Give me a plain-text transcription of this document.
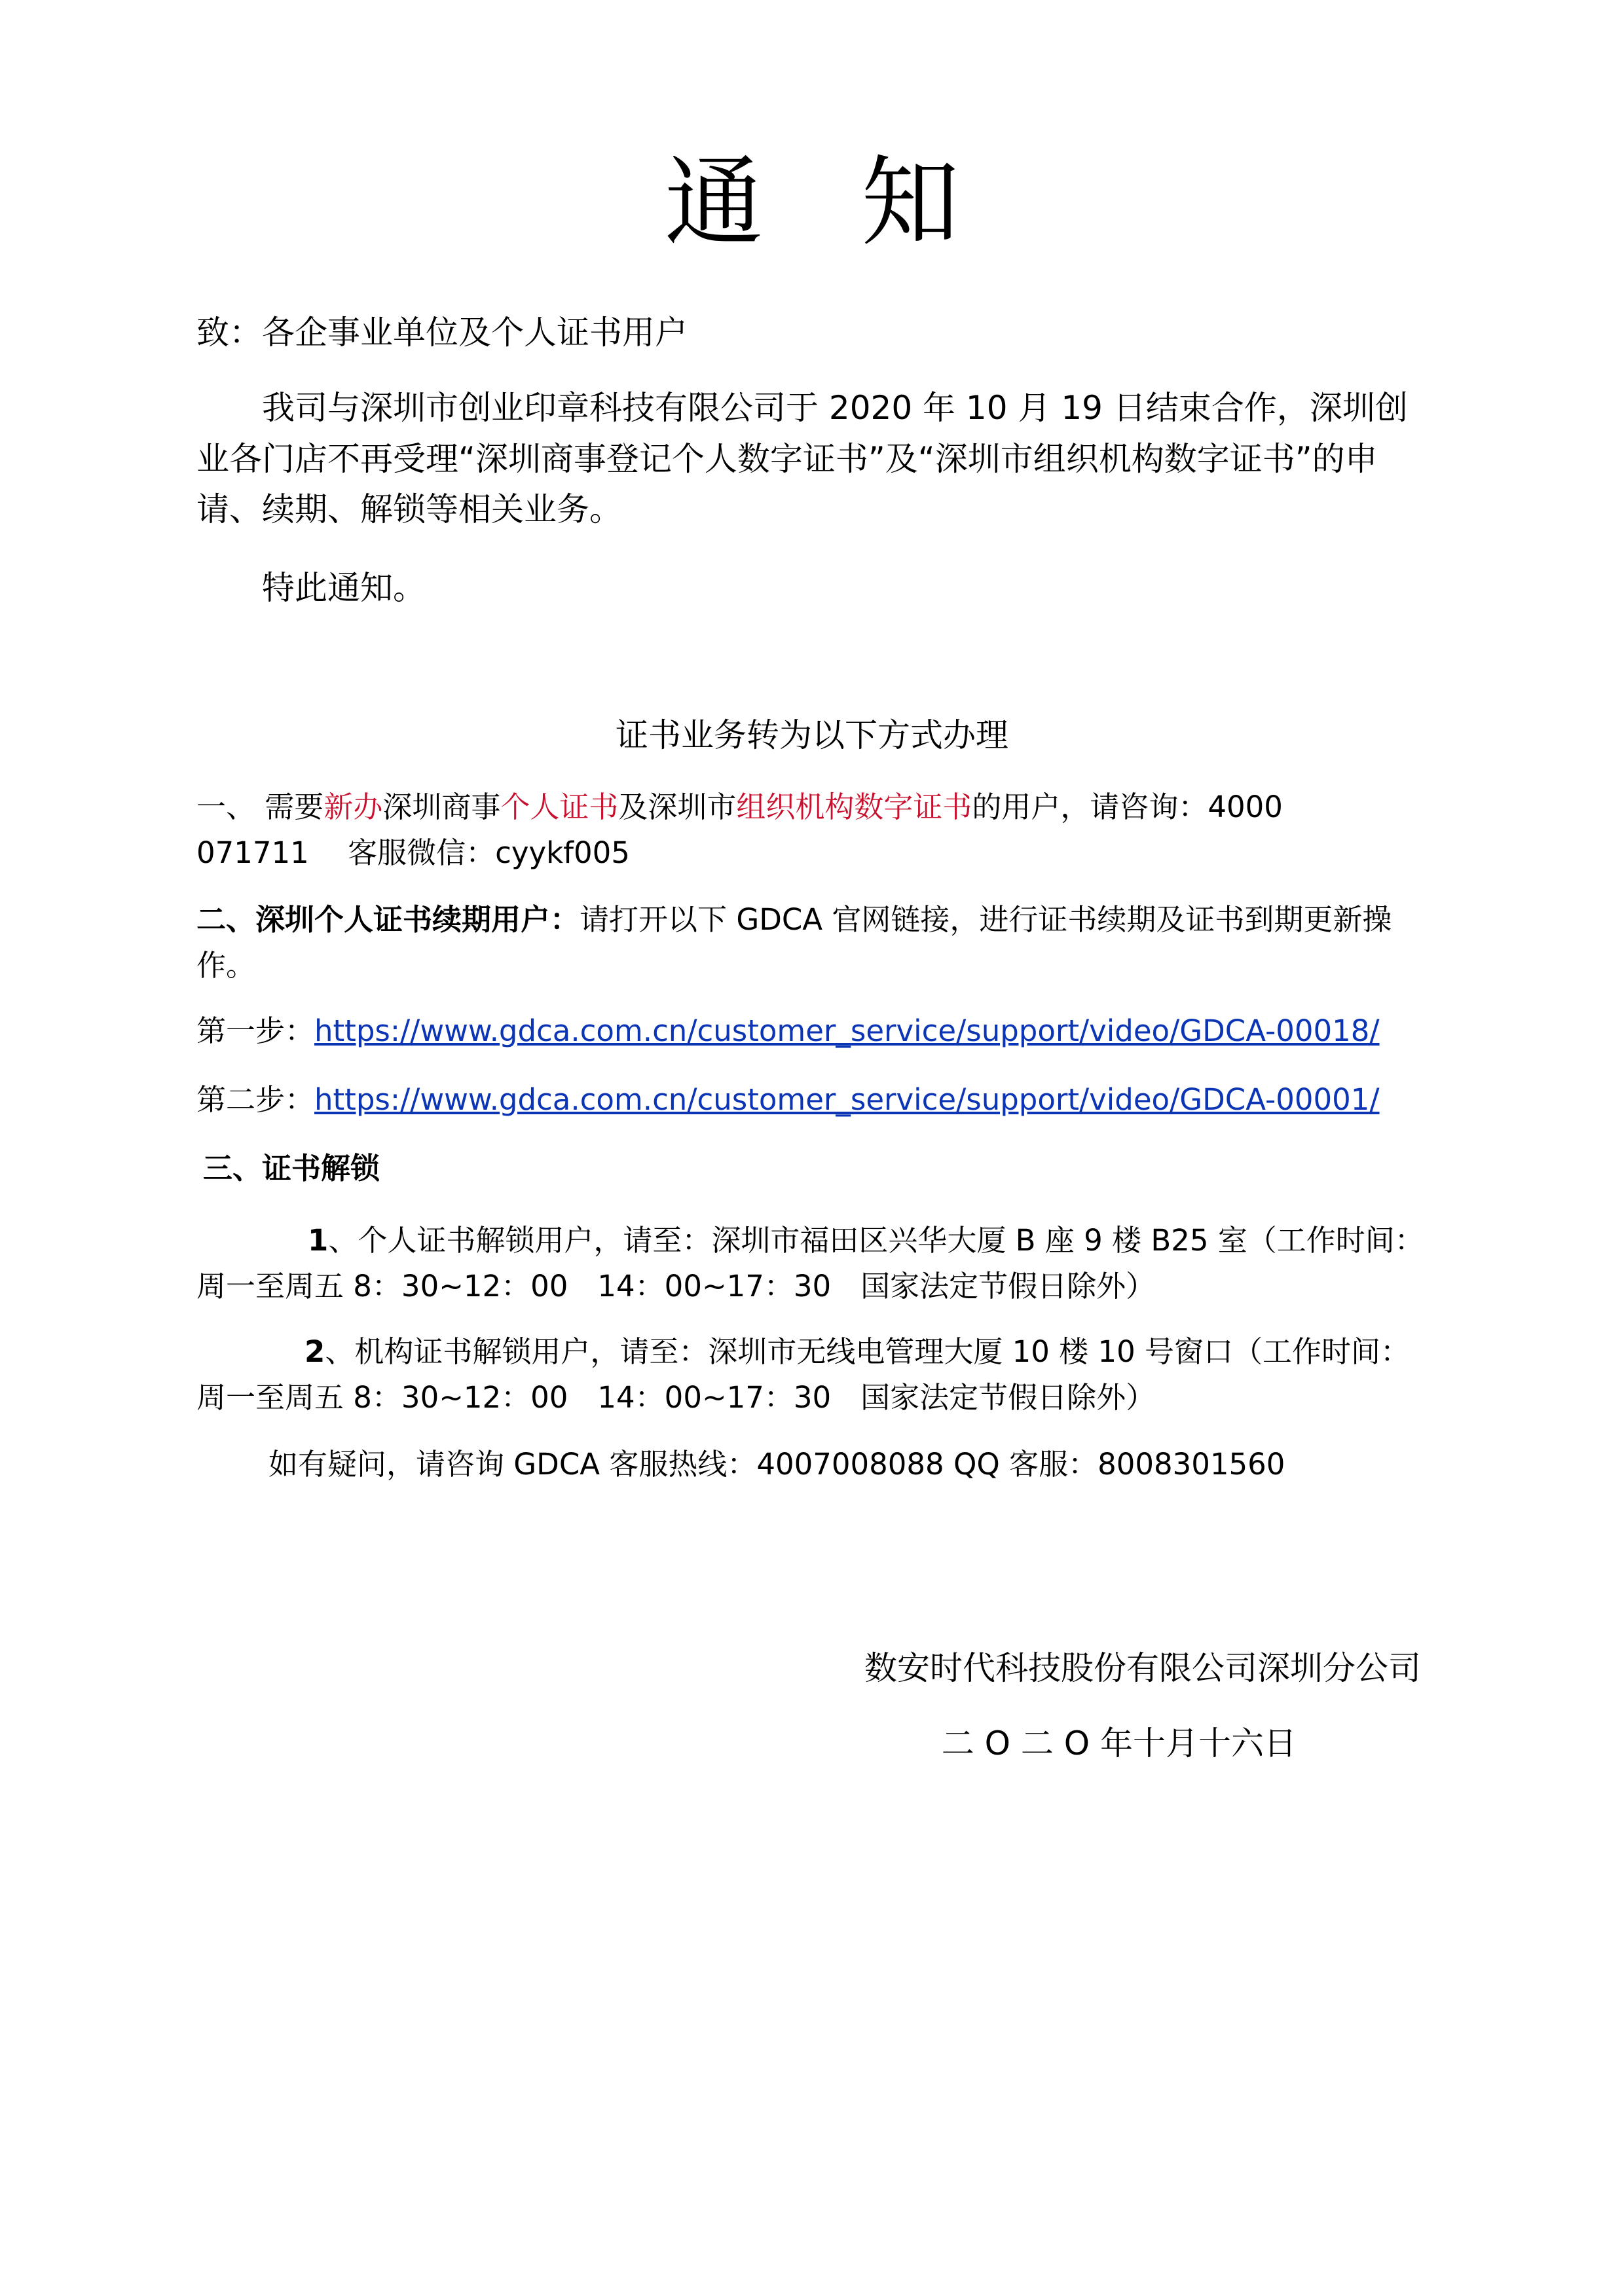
通 知
致：各企事业单位及个人证书用户
我司与深圳市创业印章科技有限公司于 2020 年 10 月 19 日结束合作，深圳创业各门店不再受理“深圳商事登记个人数字证书”及“深圳市组织机构数字证书”的申请、续期、解锁等相关业务。
特此通知。
证书业务转为以下方式办理
一、 需要新办深圳商事个人证书及深圳市组织机构数字证书的用户，请咨询：4000
071711　 客服微信：cyykf005
二、深圳个人证书续期用户：请打开以下 GDCA 官网链接，进行证书续期及证书到期更新操作。
第一步：https://www.gdca.com.cn/customer_service/support/video/GDCA-00018/
第二步：https://www.gdca.com.cn/customer_service/support/video/GDCA-00001/
三、证书解锁
1、个人证书解锁用户，请至：深圳市福田区兴华大厦 B 座 9 楼 B25 室（工作时间：周一至周五 8：30~12：00　14：00~17：30　国家法定节假日除外）
2、机构证书解锁用户，请至：深圳市无线电管理大厦 10 楼 10 号窗口（工作时间：周一至周五 8：30~12：00　14：00~17：30　国家法定节假日除外）
如有疑问，请咨询 GDCA 客服热线：4007008088 QQ 客服：8008301560
数安时代科技股份有限公司深圳分公司
二 O 二 O 年十月十六日
